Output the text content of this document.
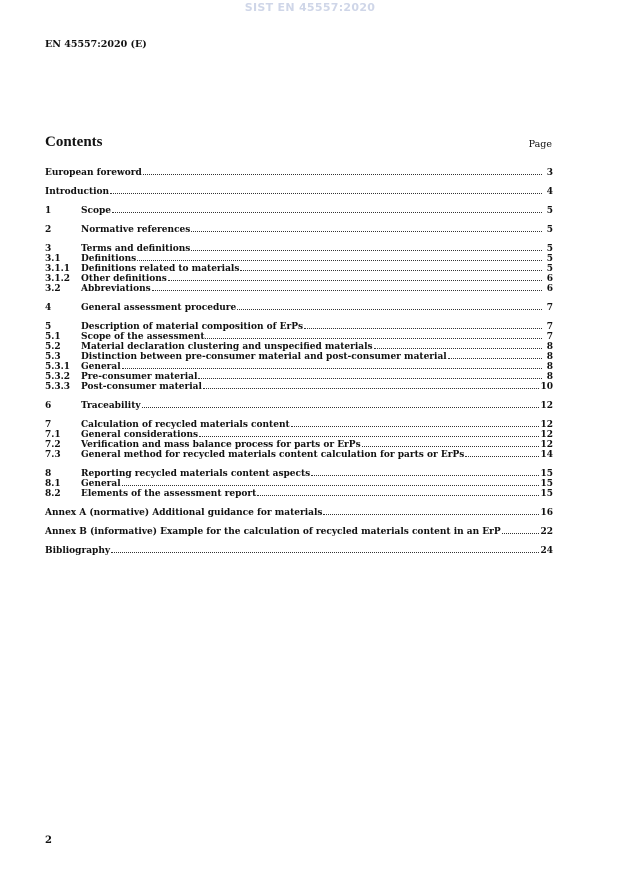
SIST EN 45557:2020
EN 45557:2020 (E)
Contents	Page
European foreword	3
Introduction	4
1	Scope	5
2	Normative references	5
3	Terms and definitions	5
3.1	Definitions	5
3.1.1	Definitions related to materials	5
3.1.2	Other definitions	6
3.2	Abbreviations	6
4	General assessment procedure	7
5	Description of material composition of ErPs	7
5.1	Scope of the assessment	7
5.2	Material declaration clustering and unspecified materials	8
5.3	Distinction between pre-consumer material and post-consumer material	8
5.3.1	General	8
5.3.2	Pre-consumer material	8
5.3.3	Post-consumer material	10
6	Traceability	12
7	Calculation of recycled materials content	12
7.1	General considerations	12
7.2	Verification and mass balance process for parts or ErPs	12
7.3	General method for recycled materials content calculation for parts or ErPs	14
8	Reporting recycled materials content aspects	15
8.1	General	15
8.2	Elements of the assessment report	15
Annex A (normative) Additional guidance for materials	16
Annex B (informative) Example for the calculation of recycled materials content in an ErP	22
Bibliography	24
2
